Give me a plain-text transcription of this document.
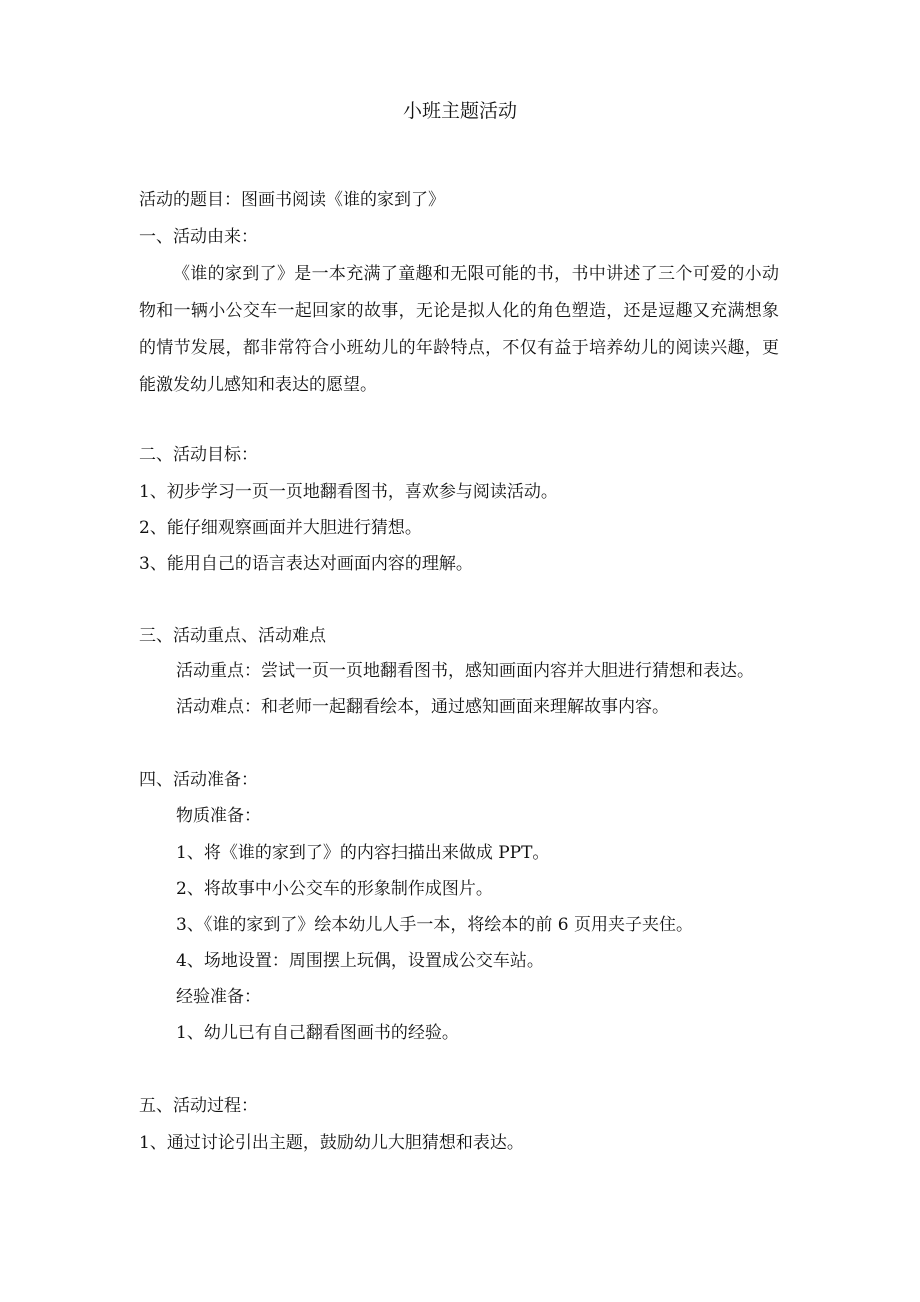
小班主题活动
活动的题目：图画书阅读《谁的家到了》
一、活动由来：
《谁的家到了》是一本充满了童趣和无限可能的书，书中讲述了三个可爱的小动物和一辆小公交车一起回家的故事，无论是拟人化的角色塑造，还是逗趣又充满想象的情节发展，都非常符合小班幼儿的年龄特点，不仅有益于培养幼儿的阅读兴趣，更能激发幼儿感知和表达的愿望。
二、活动目标：
1、初步学习一页一页地翻看图书，喜欢参与阅读活动。
2、能仔细观察画面并大胆进行猜想。
3、能用自己的语言表达对画面内容的理解。
三、活动重点、活动难点
活动重点：尝试一页一页地翻看图书，感知画面内容并大胆进行猜想和表达。
活动难点：和老师一起翻看绘本，通过感知画面来理解故事内容。
四、活动准备：
物质准备：
1、将《谁的家到了》的内容扫描出来做成 PPT。
2、将故事中小公交车的形象制作成图片。
3、《谁的家到了》绘本幼儿人手一本，将绘本的前 6 页用夹子夹住。
4、场地设置：周围摆上玩偶，设置成公交车站。
经验准备：
1、幼儿已有自己翻看图画书的经验。
五、活动过程：
1、通过讨论引出主题，鼓励幼儿大胆猜想和表达。
